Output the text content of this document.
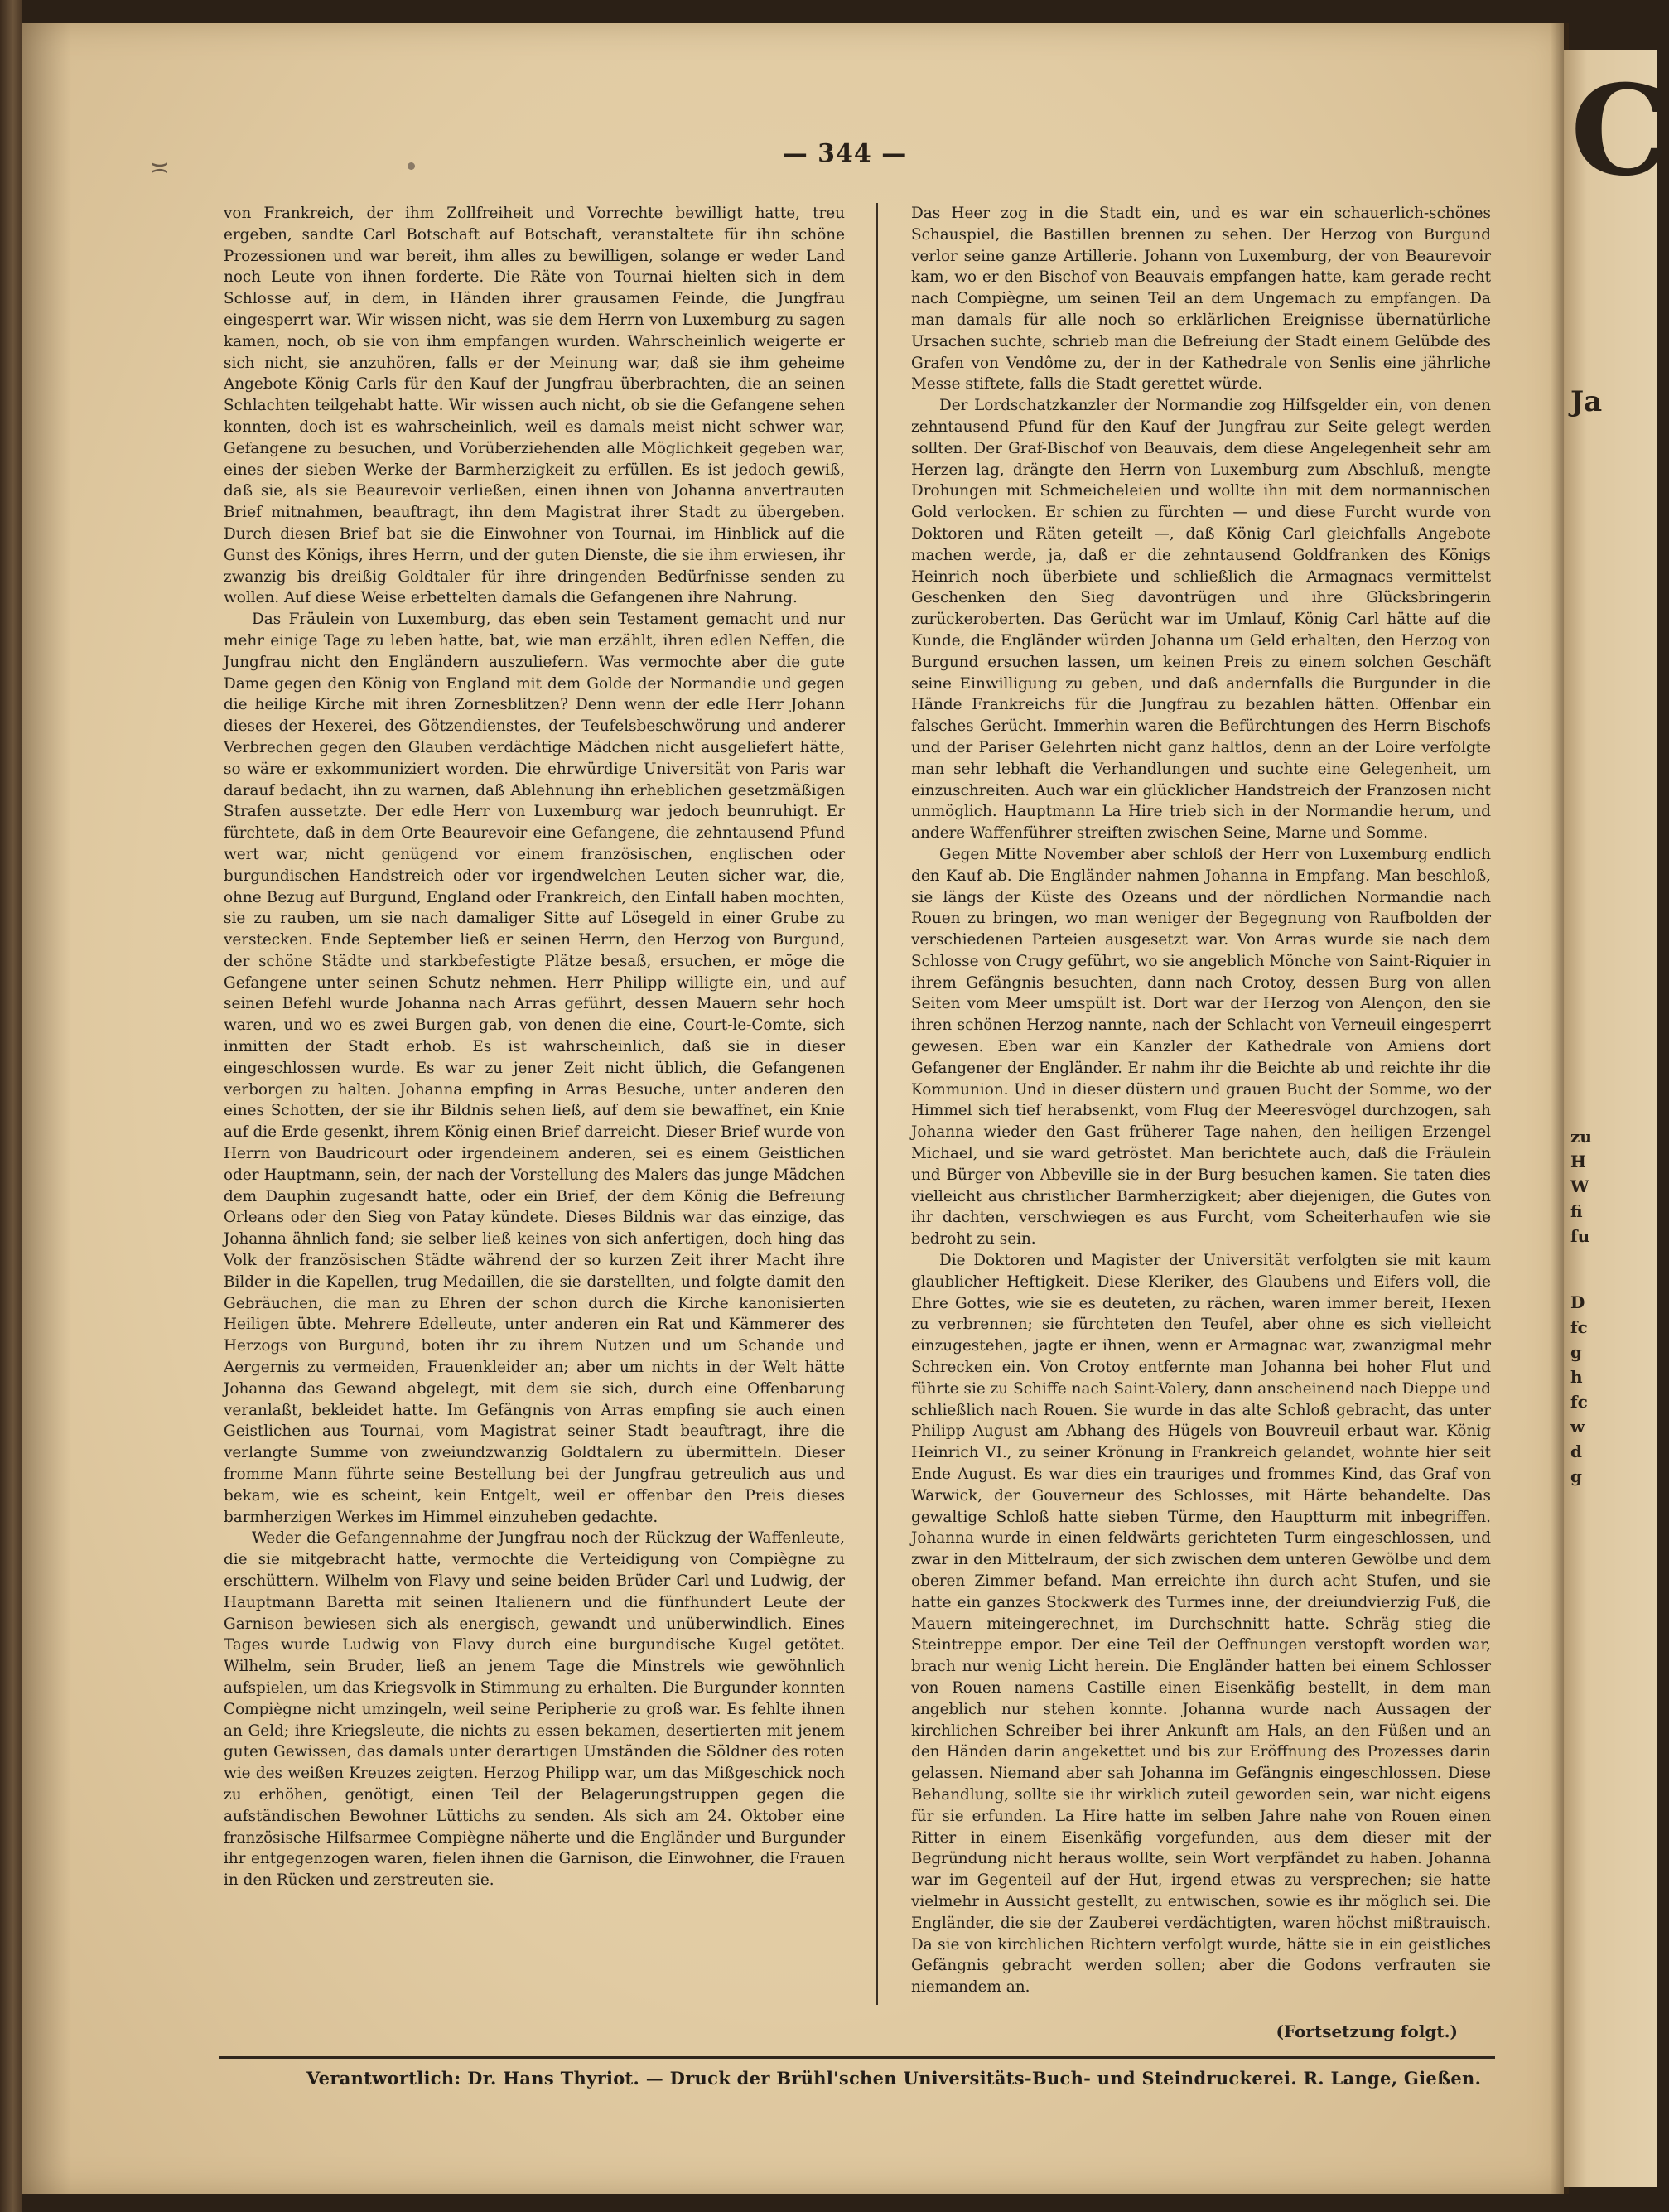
C
Ja
zu
H
W
fi
fu
D
fc
g
h
fc
w
d
g
≍	— 344 —

von Frankreich, der ihm Zollfreiheit und Vorrechte bewilligt hatte, treu ergeben, sandte Carl Botschaft auf Botschaft, veranstaltete für ihn schöne Prozessionen und war bereit, ihm alles zu bewilligen, solange er weder Land noch Leute von ihnen forderte. Die Räte von Tournai hielten sich in dem Schlosse auf, in dem, in Händen ihrer grausamen Feinde, die Jungfrau eingesperrt war. Wir wissen nicht, was sie dem Herrn von Luxemburg zu sagen kamen, noch, ob sie von ihm empfangen wurden. Wahrscheinlich weigerte er sich nicht, sie anzuhören, falls er der Meinung war, daß sie ihm geheime Angebote König Carls für den Kauf der Jungfrau überbrachten, die an seinen Schlachten teilgehabt hatte. Wir wissen auch nicht, ob sie die Gefangene sehen konnten, doch ist es wahrscheinlich, weil es damals meist nicht schwer war, Gefangene zu besuchen, und Vorüberziehenden alle Möglichkeit gegeben war, eines der sieben Werke der Barmherzigkeit zu erfüllen. Es ist jedoch gewiß, daß sie, als sie Beaurevoir verließen, einen ihnen von Johanna anvertrauten Brief mitnahmen, beauftragt, ihn dem Magistrat ihrer Stadt zu übergeben. Durch diesen Brief bat sie die Einwohner von Tournai, im Hinblick auf die Gunst des Königs, ihres Herrn, und der guten Dienste, die sie ihm erwiesen, ihr zwanzig bis dreißig Goldtaler für ihre dringenden Bedürfnisse senden zu wollen. Auf diese Weise erbettelten damals die Gefangenen ihre Nahrung.

Das Fräulein von Luxemburg, das eben sein Testament gemacht und nur mehr einige Tage zu leben hatte, bat, wie man erzählt, ihren edlen Neffen, die Jungfrau nicht den Engländern auszuliefern. Was vermochte aber die gute Dame gegen den König von England mit dem Golde der Normandie und gegen die heilige Kirche mit ihren Zornesblitzen? Denn wenn der edle Herr Johann dieses der Hexerei, des Götzendienstes, der Teufelsbeschwörung und anderer Verbrechen gegen den Glauben verdächtige Mädchen nicht ausgeliefert hätte, so wäre er exkommuniziert worden. Die ehrwürdige Universität von Paris war darauf bedacht, ihn zu warnen, daß Ablehnung ihn erheblichen gesetzmäßigen Strafen aussetzte. Der edle Herr von Luxemburg war jedoch beunruhigt. Er fürchtete, daß in dem Orte Beaurevoir eine Gefangene, die zehntausend Pfund wert war, nicht genügend vor einem französischen, englischen oder burgundischen Handstreich oder vor irgendwelchen Leuten sicher war, die, ohne Bezug auf Burgund, England oder Frankreich, den Einfall haben mochten, sie zu rauben, um sie nach damaliger Sitte auf Lösegeld in einer Grube zu verstecken. Ende September ließ er seinen Herrn, den Herzog von Burgund, der schöne Städte und starkbefestigte Plätze besaß, ersuchen, er möge die Gefangene unter seinen Schutz nehmen. Herr Philipp willigte ein, und auf seinen Befehl wurde Johanna nach Arras geführt, dessen Mauern sehr hoch waren, und wo es zwei Burgen gab, von denen die eine, Court-le-Comte, sich inmitten der Stadt erhob. Es ist wahrscheinlich, daß sie in dieser eingeschlossen wurde. Es war zu jener Zeit nicht üblich, die Gefangenen verborgen zu halten. Johanna empfing in Arras Besuche, unter anderen den eines Schotten, der sie ihr Bildnis sehen ließ, auf dem sie bewaffnet, ein Knie auf die Erde gesenkt, ihrem König einen Brief darreicht. Dieser Brief wurde von Herrn von Baudricourt oder irgendeinem anderen, sei es einem Geistlichen oder Hauptmann, sein, der nach der Vorstellung des Malers das junge Mädchen dem Dauphin zugesandt hatte, oder ein Brief, der dem König die Befreiung Orleans oder den Sieg von Patay kündete. Dieses Bildnis war das einzige, das Johanna ähnlich fand; sie selber ließ keines von sich anfertigen, doch hing das Volk der französischen Städte während der so kurzen Zeit ihrer Macht ihre Bilder in die Kapellen, trug Medaillen, die sie darstellten, und folgte damit den Gebräuchen, die man zu Ehren der schon durch die Kirche kanonisierten Heiligen übte. Mehrere Edelleute, unter anderen ein Rat und Kämmerer des Herzogs von Burgund, boten ihr zu ihrem Nutzen und um Schande und Aergernis zu vermeiden, Frauenkleider an; aber um nichts in der Welt hätte Johanna das Gewand abgelegt, mit dem sie sich, durch eine Offenbarung veranlaßt, bekleidet hatte. Im Gefängnis von Arras empfing sie auch einen Geistlichen aus Tournai, vom Magistrat seiner Stadt beauftragt, ihre die verlangte Summe von zweiundzwanzig Goldtalern zu übermitteln. Dieser fromme Mann führte seine Bestellung bei der Jungfrau getreulich aus und bekam, wie es scheint, kein Entgelt, weil er offenbar den Preis dieses barmherzigen Werkes im Himmel einzuheben gedachte.

Weder die Gefangennahme der Jungfrau noch der Rückzug der Waffenleute, die sie mitgebracht hatte, vermochte die Verteidigung von Compiègne zu erschüttern. Wilhelm von Flavy und seine beiden Brüder Carl und Ludwig, der Hauptmann Baretta mit seinen Italienern und die fünfhundert Leute der Garnison bewiesen sich als energisch, gewandt und unüberwindlich. Eines Tages wurde Ludwig von Flavy durch eine burgundische Kugel getötet. Wilhelm, sein Bruder, ließ an jenem Tage die Minstrels wie gewöhnlich aufspielen, um das Kriegsvolk in Stimmung zu erhalten. Die Burgunder konnten Compiègne nicht umzingeln, weil seine Peripherie zu groß war. Es fehlte ihnen an Geld; ihre Kriegsleute, die nichts zu essen bekamen, desertierten mit jenem guten Gewissen, das damals unter derartigen Umständen die Söldner des roten wie des weißen Kreuzes zeigten. Herzog Philipp war, um das Mißgeschick noch zu erhöhen, genötigt, einen Teil der Belagerungstruppen gegen die aufständischen Bewohner Lüttichs zu senden. Als sich am 24. Oktober eine französische Hilfsarmee Compiègne näherte und die Engländer und Burgunder ihr entgegenzogen waren, fielen ihnen die Garnison, die Einwohner, die Frauen in den Rücken und zerstreuten sie.

Das Heer zog in die Stadt ein, und es war ein schauerlich-schönes Schauspiel, die Bastillen brennen zu sehen. Der Herzog von Burgund verlor seine ganze Artillerie. Johann von Luxemburg, der von Beaurevoir kam, wo er den Bischof von Beauvais empfangen hatte, kam gerade recht nach Compiègne, um seinen Teil an dem Ungemach zu empfangen. Da man damals für alle noch so erklärlichen Ereignisse übernatürliche Ursachen suchte, schrieb man die Befreiung der Stadt einem Gelübde des Grafen von Vendôme zu, der in der Kathedrale von Senlis eine jährliche Messe stiftete, falls die Stadt gerettet würde.

Der Lordschatzkanzler der Normandie zog Hilfsgelder ein, von denen zehntausend Pfund für den Kauf der Jungfrau zur Seite gelegt werden sollten. Der Graf-Bischof von Beauvais, dem diese Angelegenheit sehr am Herzen lag, drängte den Herrn von Luxemburg zum Abschluß, mengte Drohungen mit Schmeicheleien und wollte ihn mit dem normannischen Gold verlocken. Er schien zu fürchten — und diese Furcht wurde von Doktoren und Räten geteilt —, daß König Carl gleichfalls Angebote machen werde, ja, daß er die zehntausend Goldfranken des Königs Heinrich noch überbiete und schließlich die Armagnacs vermittelst Geschenken den Sieg davontrügen und ihre Glücksbringerin zurückeroberten. Das Gerücht war im Umlauf, König Carl hätte auf die Kunde, die Engländer würden Johanna um Geld erhalten, den Herzog von Burgund ersuchen lassen, um keinen Preis zu einem solchen Geschäft seine Einwilligung zu geben, und daß andernfalls die Burgunder in die Hände Frankreichs für die Jungfrau zu bezahlen hätten. Offenbar ein falsches Gerücht. Immerhin waren die Befürchtungen des Herrn Bischofs und der Pariser Gelehrten nicht ganz haltlos, denn an der Loire verfolgte man sehr lebhaft die Verhandlungen und suchte eine Gelegenheit, um einzuschreiten. Auch war ein glücklicher Handstreich der Franzosen nicht unmöglich. Hauptmann La Hire trieb sich in der Normandie herum, und andere Waffenführer streiften zwischen Seine, Marne und Somme.

Gegen Mitte November aber schloß der Herr von Luxemburg endlich den Kauf ab. Die Engländer nahmen Johanna in Empfang. Man beschloß, sie längs der Küste des Ozeans und der nördlichen Normandie nach Rouen zu bringen, wo man weniger der Begegnung von Raufbolden der verschiedenen Parteien ausgesetzt war. Von Arras wurde sie nach dem Schlosse von Crugy geführt, wo sie angeblich Mönche von Saint-Riquier in ihrem Gefängnis besuchten, dann nach Crotoy, dessen Burg von allen Seiten vom Meer umspült ist. Dort war der Herzog von Alençon, den sie ihren schönen Herzog nannte, nach der Schlacht von Verneuil eingesperrt gewesen. Eben war ein Kanzler der Kathedrale von Amiens dort Gefangener der Engländer. Er nahm ihr die Beichte ab und reichte ihr die Kommunion. Und in dieser düstern und grauen Bucht der Somme, wo der Himmel sich tief herabsenkt, vom Flug der Meeresvögel durchzogen, sah Johanna wieder den Gast früherer Tage nahen, den heiligen Erzengel Michael, und sie ward getröstet. Man berichtete auch, daß die Fräulein und Bürger von Abbeville sie in der Burg besuchen kamen. Sie taten dies vielleicht aus christlicher Barmherzigkeit; aber diejenigen, die Gutes von ihr dachten, verschwiegen es aus Furcht, vom Scheiterhaufen wie sie bedroht zu sein.

Die Doktoren und Magister der Universität verfolgten sie mit kaum glaublicher Heftigkeit. Diese Kleriker, des Glaubens und Eifers voll, die Ehre Gottes, wie sie es deuteten, zu rächen, waren immer bereit, Hexen zu verbrennen; sie fürchteten den Teufel, aber ohne es sich vielleicht einzugestehen, jagte er ihnen, wenn er Armagnac war, zwanzigmal mehr Schrecken ein. Von Crotoy entfernte man Johanna bei hoher Flut und führte sie zu Schiffe nach Saint-Valery, dann anscheinend nach Dieppe und schließlich nach Rouen. Sie wurde in das alte Schloß gebracht, das unter Philipp August am Abhang des Hügels von Bouvreuil erbaut war. König Heinrich VI., zu seiner Krönung in Frankreich gelandet, wohnte hier seit Ende August. Es war dies ein trauriges und frommes Kind, das Graf von Warwick, der Gouverneur des Schlosses, mit Härte behandelte. Das gewaltige Schloß hatte sieben Türme, den Hauptturm mit inbegriffen. Johanna wurde in einen feldwärts gerichteten Turm eingeschlossen, und zwar in den Mittelraum, der sich zwischen dem unteren Gewölbe und dem oberen Zimmer befand. Man erreichte ihn durch acht Stufen, und sie hatte ein ganzes Stockwerk des Turmes inne, der dreiundvierzig Fuß, die Mauern miteingerechnet, im Durchschnitt hatte. Schräg stieg die Steintreppe empor. Der eine Teil der Oeffnungen verstopft worden war, brach nur wenig Licht herein. Die Engländer hatten bei einem Schlosser von Rouen namens Castille einen Eisenkäfig bestellt, in dem man angeblich nur stehen konnte. Johanna wurde nach Aussagen der kirchlichen Schreiber bei ihrer Ankunft am Hals, an den Füßen und an den Händen darin angekettet und bis zur Eröffnung des Prozesses darin gelassen. Niemand aber sah Johanna im Gefängnis eingeschlossen. Diese Behandlung, sollte sie ihr wirklich zuteil geworden sein, war nicht eigens für sie erfunden. La Hire hatte im selben Jahre nahe von Rouen einen Ritter in einem Eisenkäfig vorgefunden, aus dem dieser mit der Begründung nicht heraus wollte, sein Wort verpfändet zu haben. Johanna war im Gegenteil auf der Hut, irgend etwas zu versprechen; sie hatte vielmehr in Aussicht gestellt, zu entwischen, sowie es ihr möglich sei. Die Engländer, die sie der Zauberei verdächtigten, waren höchst mißtrauisch. Da sie von kirchlichen Richtern verfolgt wurde, hätte sie in ein geistliches Gefängnis gebracht werden sollen; aber die Godons verfrauten sie niemandem an.

(Fortsetzung folgt.)
Verantwortlich: Dr. Hans Thyriot. — Druck der Brühl'schen Universitäts-Buch- und Steindruckerei. R. Lange, Gießen.
